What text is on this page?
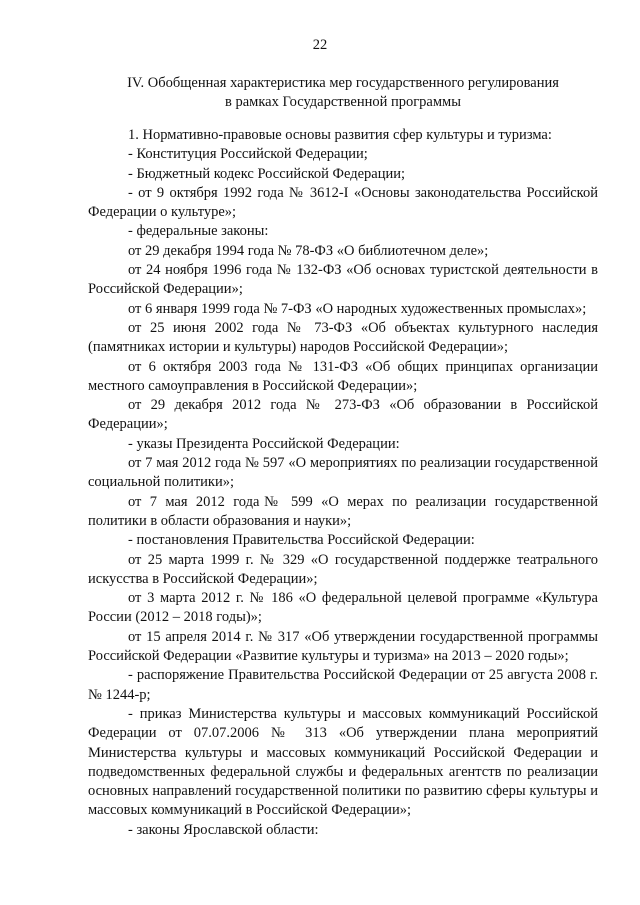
22
IV. Обобщенная характеристика мер государственного регулирования
в рамках Государственной программы

1. Нормативно-правовые основы развития сфер культуры и туризма:

- Конституция Российской Федерации;

- Бюджетный кодекс Российской Федерации;

- от 9 октября 1992 года № 3612-I «Основы законодательства Российской Федерации о культуре»;

- федеральные законы:

от 29 декабря 1994 года № 78-ФЗ «О библиотечном деле»;

от 24 ноября 1996 года № 132-ФЗ «Об основах туристской деятельности в Российской Федерации»;

от 6 января 1999 года № 7-ФЗ «О народных художественных промыслах»;

от 25 июня 2002 года № 73-ФЗ «Об объектах культурного наследия (памятниках истории и культуры) народов Российской Федерации»;

от 6 октября 2003 года № 131-ФЗ «Об общих принципах организации местного самоуправления в Российской Федерации»;

от 29 декабря 2012 года № 273-ФЗ «Об образовании в Российской Федерации»;

- указы Президента Российской Федерации:

от 7 мая 2012 года № 597 «О мероприятиях по реализации государственной социальной политики»;

от 7 мая 2012 года№ 599 «О мерах по реализации государственной политики в области образования и науки»;

- постановления Правительства Российской Федерации:

от 25 марта 1999 г. № 329 «О государственной поддержке театрального искусства в Российской Федерации»;

от 3 марта 2012 г. № 186 «О федеральной целевой программе «Культура России (2012 – 2018 годы)»;

от 15 апреля 2014 г. № 317 «Об утверждении государственной программы Российской Федерации «Развитие культуры и туризма» на 2013 – 2020 годы»;

- распоряжение Правительства Российской Федерации от 25 августа 2008 г. № 1244-р;

- приказ Министерства культуры и массовых коммуникаций Российской Федерации от 07.07.2006 № 313 «Об утверждении плана мероприятий Министерства культуры и массовых коммуникаций Российской Федерации и подведомственных федеральной службы и федеральных агентств по реализации основных направлений государственной политики по развитию сферы культуры и массовых коммуникаций в Российской Федерации»;

- законы Ярославской области:
